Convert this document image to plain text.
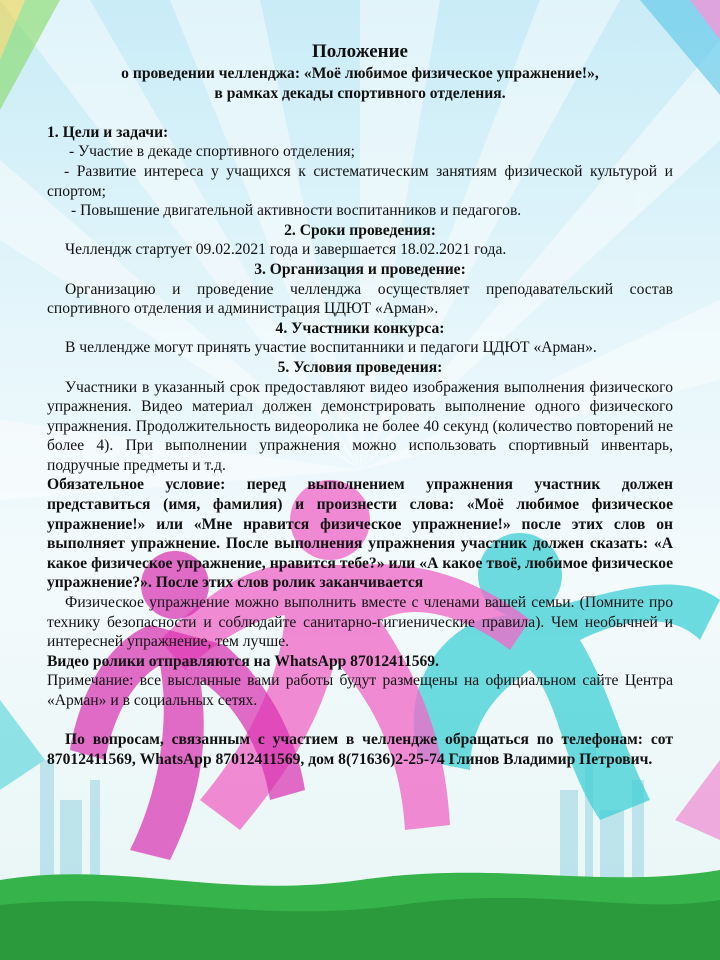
Положение

о проведении челленджа: «Моё любимое физическое упражнение!»,

в рамках декады спортивного отделения.

1. Цели и задачи:

- Участие в декаде спортивного отделения;

- Развитие интереса у учащихся к систематическим занятиям физической культурой и спортом;

- Повышение двигательной активности воспитанников и педагогов.

2. Сроки проведения:

Челлендж стартует 09.02.2021 года и завершается 18.02.2021 года.

3. Организация и проведение:

Организацию и проведение челленджа осуществляет преподавательский состав спортивного отделения и администрация ЦДЮТ «Арман».

4. Участники конкурса:

В челлендже могут принять участие воспитанники и педагоги ЦДЮТ «Арман».

5. Условия проведения:

Участники в указанный срок предоставляют видео изображения выполнения физического упражнения. Видео материал должен демонстрировать выполнение одного физического упражнения. Продолжительность видеоролика не более 40 секунд (количество повторений не более 4). При выполнении упражнения можно использовать спортивный инвентарь, подручные предметы и т.д.

Обязательное условие: перед выполнением упражнения участник должен представиться (имя, фамилия) и произнести слова: «Моё любимое физическое упражнение!» или «Мне нравится физическое упражнение!» после этих слов он выполняет упражнение. После выполнения упражнения участник должен сказать: «А какое физическое упражнение, нравится тебе?» или «А какое твоё, любимое физическое упражнение?». После этих слов ролик заканчивается

Физическое упражнение можно выполнить вместе с членами вашей семьи. (Помните про технику безопасности и соблюдайте санитарно-гигиенические правила). Чем необычней и интересней упражнение, тем лучше.

Видео ролики отправляются на WhatsApp 87012411569.

Примечание: все высланные вами работы будут размещены на официальном сайте Центра «Арман» и в социальных сетях.

По вопросам, связанным с участием в челлендже обращаться по телефонам: сот 87012411569, WhatsApp 87012411569, дом 8(71636)2-25-74 Глинов Владимир Петрович.
